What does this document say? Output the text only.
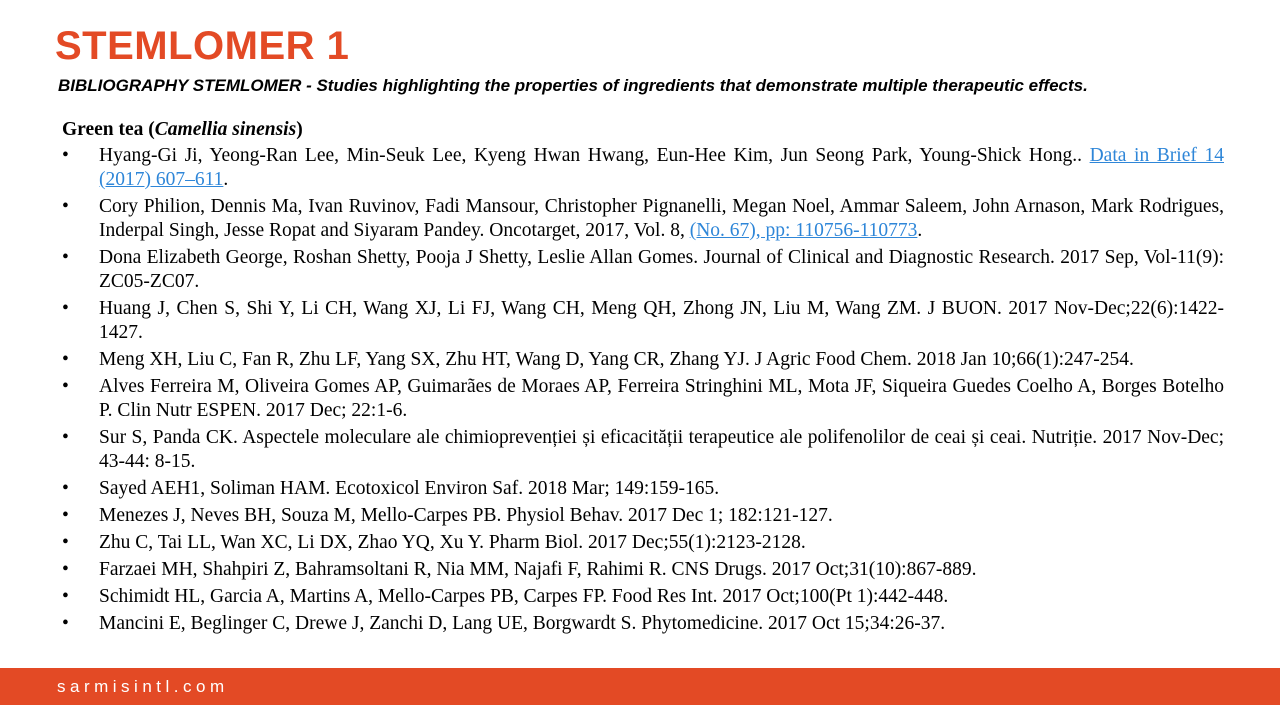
STEMLOMER 1
BIBLIOGRAPHY STEMLOMER - Studies highlighting the properties of ingredients that demonstrate multiple therapeutic effects.
Green tea (Camellia sinensis)
• Hyang-Gi Ji, Yeong-Ran Lee, Min-Seuk Lee, Kyeng Hwan Hwang, Eun-Hee Kim, Jun Seong Park, Young-Shick Hong.. Data in Brief 14 (2017) 607–611.
• Cory Philion, Dennis Ma, Ivan Ruvinov, Fadi Mansour, Christopher Pignanelli, Megan Noel, Ammar Saleem, John Arnason, Mark Rodrigues, Inderpal Singh, Jesse Ropat and Siyaram Pandey. Oncotarget, 2017, Vol. 8, (No. 67), pp: 110756-110773.
• Dona Elizabeth George, Roshan Shetty, Pooja J Shetty, Leslie Allan Gomes. Journal of Clinical and Diagnostic Research. 2017 Sep, Vol-11(9): ZC05-ZC07.
• Huang J, Chen S, Shi Y, Li CH, Wang XJ, Li FJ, Wang CH, Meng QH, Zhong JN, Liu M, Wang ZM. J BUON. 2017 Nov-Dec;22(6):1422-1427.
• Meng XH, Liu C, Fan R, Zhu LF, Yang SX, Zhu HT, Wang D, Yang CR, Zhang YJ. J Agric Food Chem. 2018 Jan 10;66(1):247-254.
• Alves Ferreira M, Oliveira Gomes AP, Guimarães de Moraes AP, Ferreira Stringhini ML, Mota JF, Siqueira Guedes Coelho A, Borges Botelho P. Clin Nutr ESPEN. 2017 Dec; 22:1-6.
• Sur S, Panda CK. Aspectele moleculare ale chimioprevenției și eficacității terapeutice ale polifenolilor de ceai și ceai. Nutriție. 2017 Nov-Dec; 43-44: 8-15.
• Sayed AEH1, Soliman HAM. Ecotoxicol Environ Saf. 2018 Mar; 149:159-165.
• Menezes J, Neves BH, Souza M, Mello-Carpes PB. Physiol Behav. 2017 Dec 1; 182:121-127.
• Zhu C, Tai LL, Wan XC, Li DX, Zhao YQ, Xu Y. Pharm Biol. 2017 Dec;55(1):2123-2128.
• Farzaei MH, Shahpiri Z, Bahramsoltani R, Nia MM, Najafi F, Rahimi R. CNS Drugs. 2017 Oct;31(10):867-889.
• Schimidt HL, Garcia A, Martins A, Mello-Carpes PB, Carpes FP. Food Res Int. 2017 Oct;100(Pt 1):442-448.
• Mancini E, Beglinger C, Drewe J, Zanchi D, Lang UE, Borgwardt S. Phytomedicine. 2017 Oct 15;34:26-37.
sarmisintl.com
